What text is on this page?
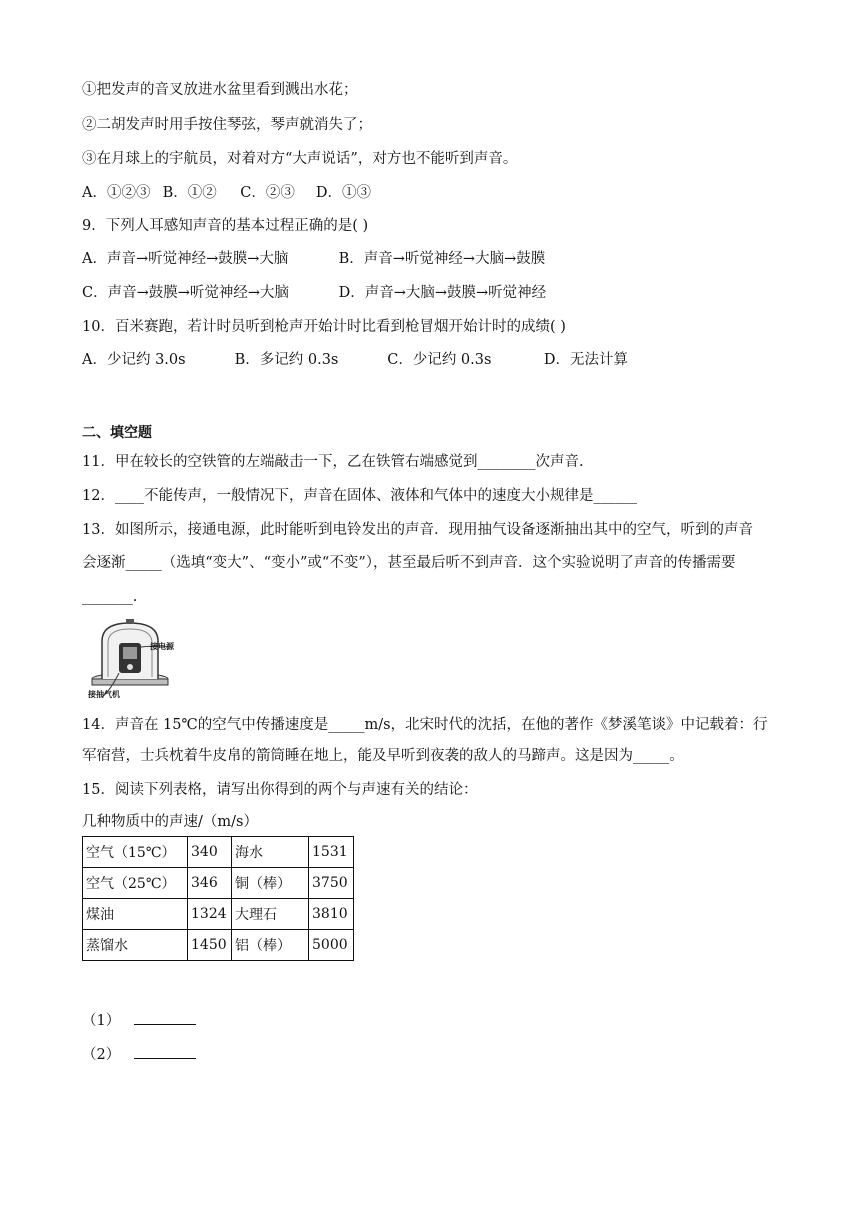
①把发声的音叉放进水盆里看到溅出水花；
②二胡发声时用手按住琴弦，琴声就消失了；
③在月球上的宇航员，对着对方“大声说话”，对方也不能听到声音。
A．①②③ B．①② C．②③ D．①③
9．下列人耳感知声音的基本过程正确的是( )
A．声音→听觉神经→鼓膜→大脑	B．声音→听觉神经→大脑→鼓膜
C．声音→鼓膜→听觉神经→大脑	D．声音→大脑→鼓膜→听觉神经
10．百米赛跑，若计时员听到枪声开始计时比看到枪冒烟开始计时的成绩( )
A．少记约 3.0s	B．多记约 0.3s	C．少记约 0.3s	D．无法计算
二、填空题
11．甲在较长的空铁管的左端敲击一下，乙在铁管右端感觉到________次声音.
12．____不能传声，一般情况下，声音在固体、液体和气体中的速度大小规律是______
13．如图所示，接通电源，此时能听到电铃发出的声音．现用抽气设备逐渐抽出其中的空气，听到的声音
会逐渐_____（选填“变大”、“变小”或“不变”），甚至最后听不到声音．这个实验说明了声音的传播需要
_______.
接电源
接抽气机
14．声音在 15℃的空气中传播速度是_____m/s，北宋时代的沈括，在他的著作《梦溪笔谈》中记载着：行
军宿营，士兵枕着牛皮帛的箭筒睡在地上，能及早听到夜袭的敌人的马蹄声。这是因为_____。
15．阅读下列表格，请写出你得到的两个与声速有关的结论：
几种物质中的声速/（m/s）
空气（15℃）	340	海水	1531
空气（25℃）	346	铜（棒）	3750
煤油	1324	大理石	3810
蒸馏水	1450	铝（棒）	5000
（1）
（2）
